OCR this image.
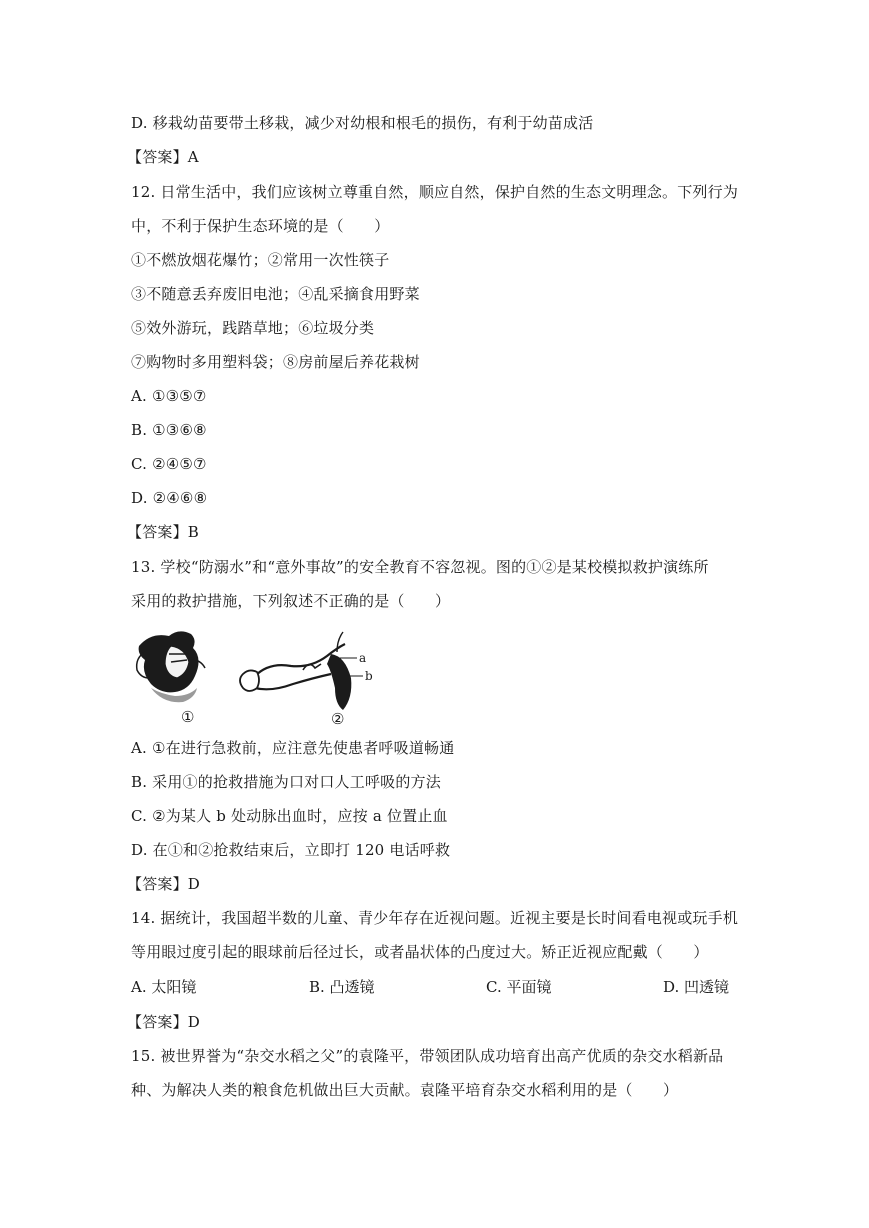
D. 移栽幼苗要带土移栽，减少对幼根和根毛的损伤，有利于幼苗成活
【答案】A
12. 日常生活中，我们应该树立尊重自然，顺应自然，保护自然的生态文明理念。下列行为
中，不利于保护生态环境的是（　　）
①不燃放烟花爆竹；②常用一次性筷子
③不随意丢弃废旧电池；④乱采摘食用野菜
⑤效外游玩，践踏草地；⑥垃圾分类
⑦购物时多用塑料袋；⑧房前屋后养花栽树
A. ①③⑤⑦
B. ①③⑥⑧
C. ②④⑤⑦
D. ②④⑥⑧
【答案】B
13. 学校“防溺水”和“意外事故”的安全教育不容忽视。图的①②是某校模拟救护演练所
采用的救护措施，下列叙述不正确的是（　　）
a
b
①	②
A. ①在进行急救前，应注意先使患者呼吸道畅通
B. 采用①的抢救措施为口对口人工呼吸的方法
C. ②为某人 b 处动脉出血时，应按 a 位置止血
D. 在①和②抢救结束后，立即打 120 电话呼救
【答案】D
14. 据统计，我国超半数的儿童、青少年存在近视问题。近视主要是长时间看电视或玩手机
等用眼过度引起的眼球前后径过长，或者晶状体的凸度过大。矫正近视应配戴（　　）
A. 太阳镜	B. 凸透镜	C. 平面镜	D. 凹透镜
【答案】D
15. 被世界誉为“杂交水稻之父”的袁隆平，带领团队成功培育出高产优质的杂交水稻新品
种、为解决人类的粮食危机做出巨大贡献。袁隆平培育杂交水稻利用的是（　　）
